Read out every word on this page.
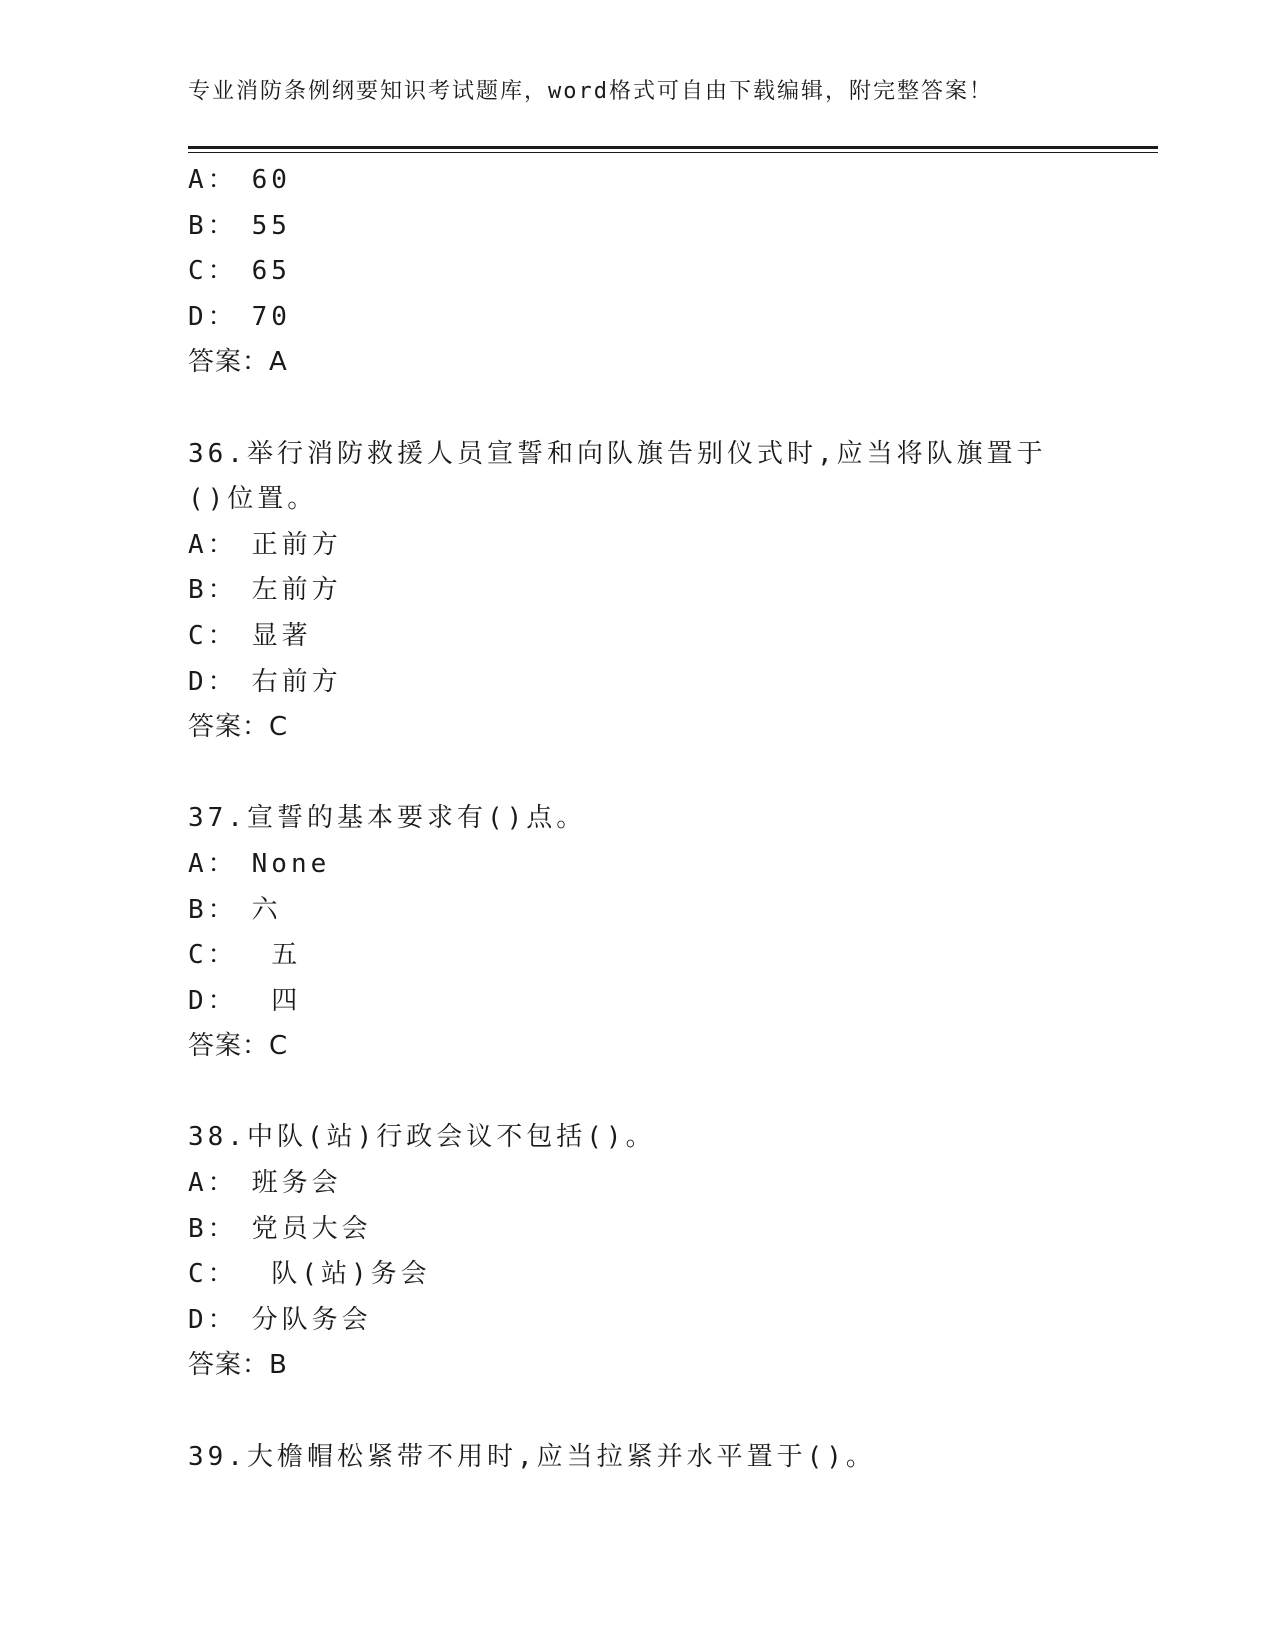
专业消防条例纲要知识考试题库，word格式可自由下载编辑，附完整答案！
A： 60
B： 55
C： 65
D： 70
答案：A
36.举行消防救援人员宣誓和向队旗告别仪式时,应当将队旗置于()位置。
A： 正前方
B： 左前方
C： 显著
D： 右前方
答案：C
37.宣誓的基本要求有()点。
A： None
B： 六
C： 五
D： 四
答案：C
38.中队(站)行政会议不包括()。
A： 班务会
B： 党员大会
C： 队(站)务会
D： 分队务会
答案：B
39.大檐帽松紧带不用时,应当拉紧并水平置于()。
